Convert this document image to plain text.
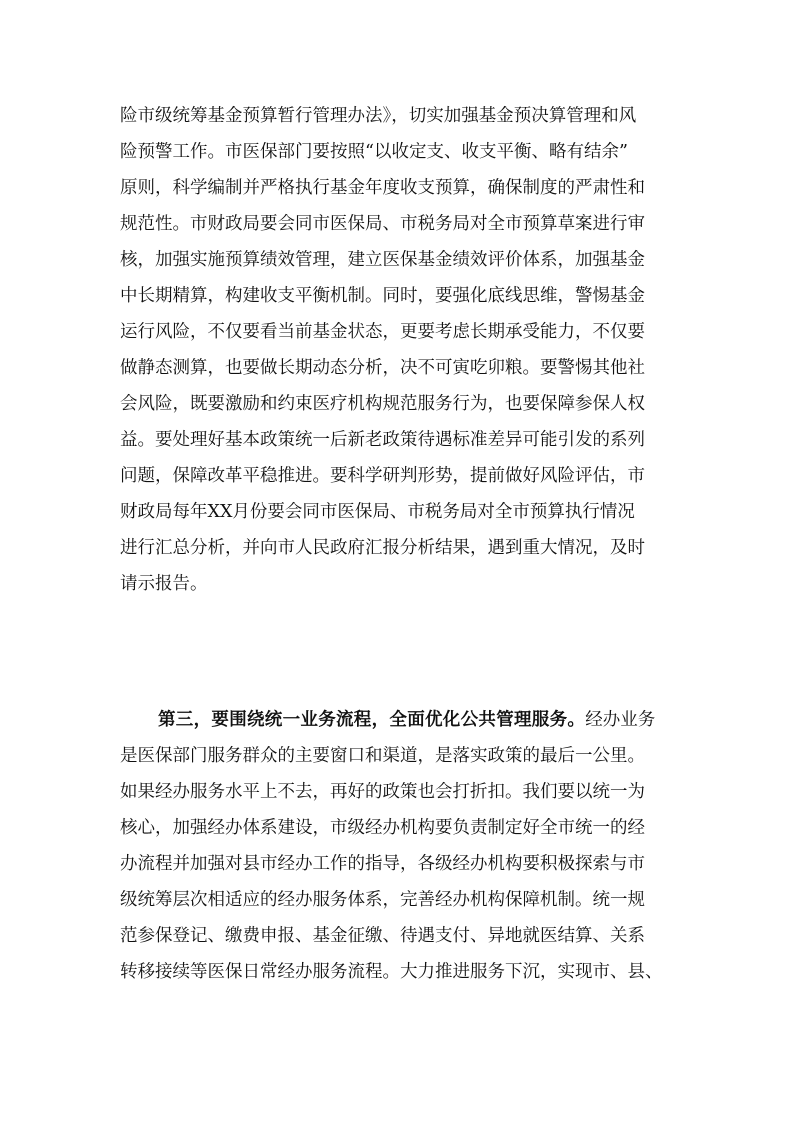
险市级统筹基金预算暂行管理办法》，切实加强基金预决算管理和风
险预警工作。市医保部门要按照“以收定支、收支平衡、略有结余”
原则，科学编制并严格执行基金年度收支预算，确保制度的严肃性和
规范性。市财政局要会同市医保局、市税务局对全市预算草案进行审
核，加强实施预算绩效管理，建立医保基金绩效评价体系，加强基金
中长期精算，构建收支平衡机制。同时，要强化底线思维，警惕基金
运行风险，不仅要看当前基金状态，更要考虑长期承受能力，不仅要
做静态测算，也要做长期动态分析，决不可寅吃卯粮。要警惕其他社
会风险，既要激励和约束医疗机构规范服务行为，也要保障参保人权
益。要处理好基本政策统一后新老政策待遇标准差异可能引发的系列
问题，保障改革平稳推进。要科学研判形势，提前做好风险评估，市
财政局每年XX月份要会同市医保局、市税务局对全市预算执行情况
进行汇总分析，并向市人民政府汇报分析结果，遇到重大情况，及时
请示报告。
第三，要围绕统一业务流程，全面优化公共管理服务。经办业务
是医保部门服务群众的主要窗口和渠道，是落实政策的最后一公里。
如果经办服务水平上不去，再好的政策也会打折扣。我们要以统一为
核心，加强经办体系建设，市级经办机构要负责制定好全市统一的经
办流程并加强对县市经办工作的指导，各级经办机构要积极探索与市
级统筹层次相适应的经办服务体系，完善经办机构保障机制。统一规
范参保登记、缴费申报、基金征缴、待遇支付、异地就医结算、关系
转移接续等医保日常经办服务流程。大力推进服务下沉，实现市、县、
